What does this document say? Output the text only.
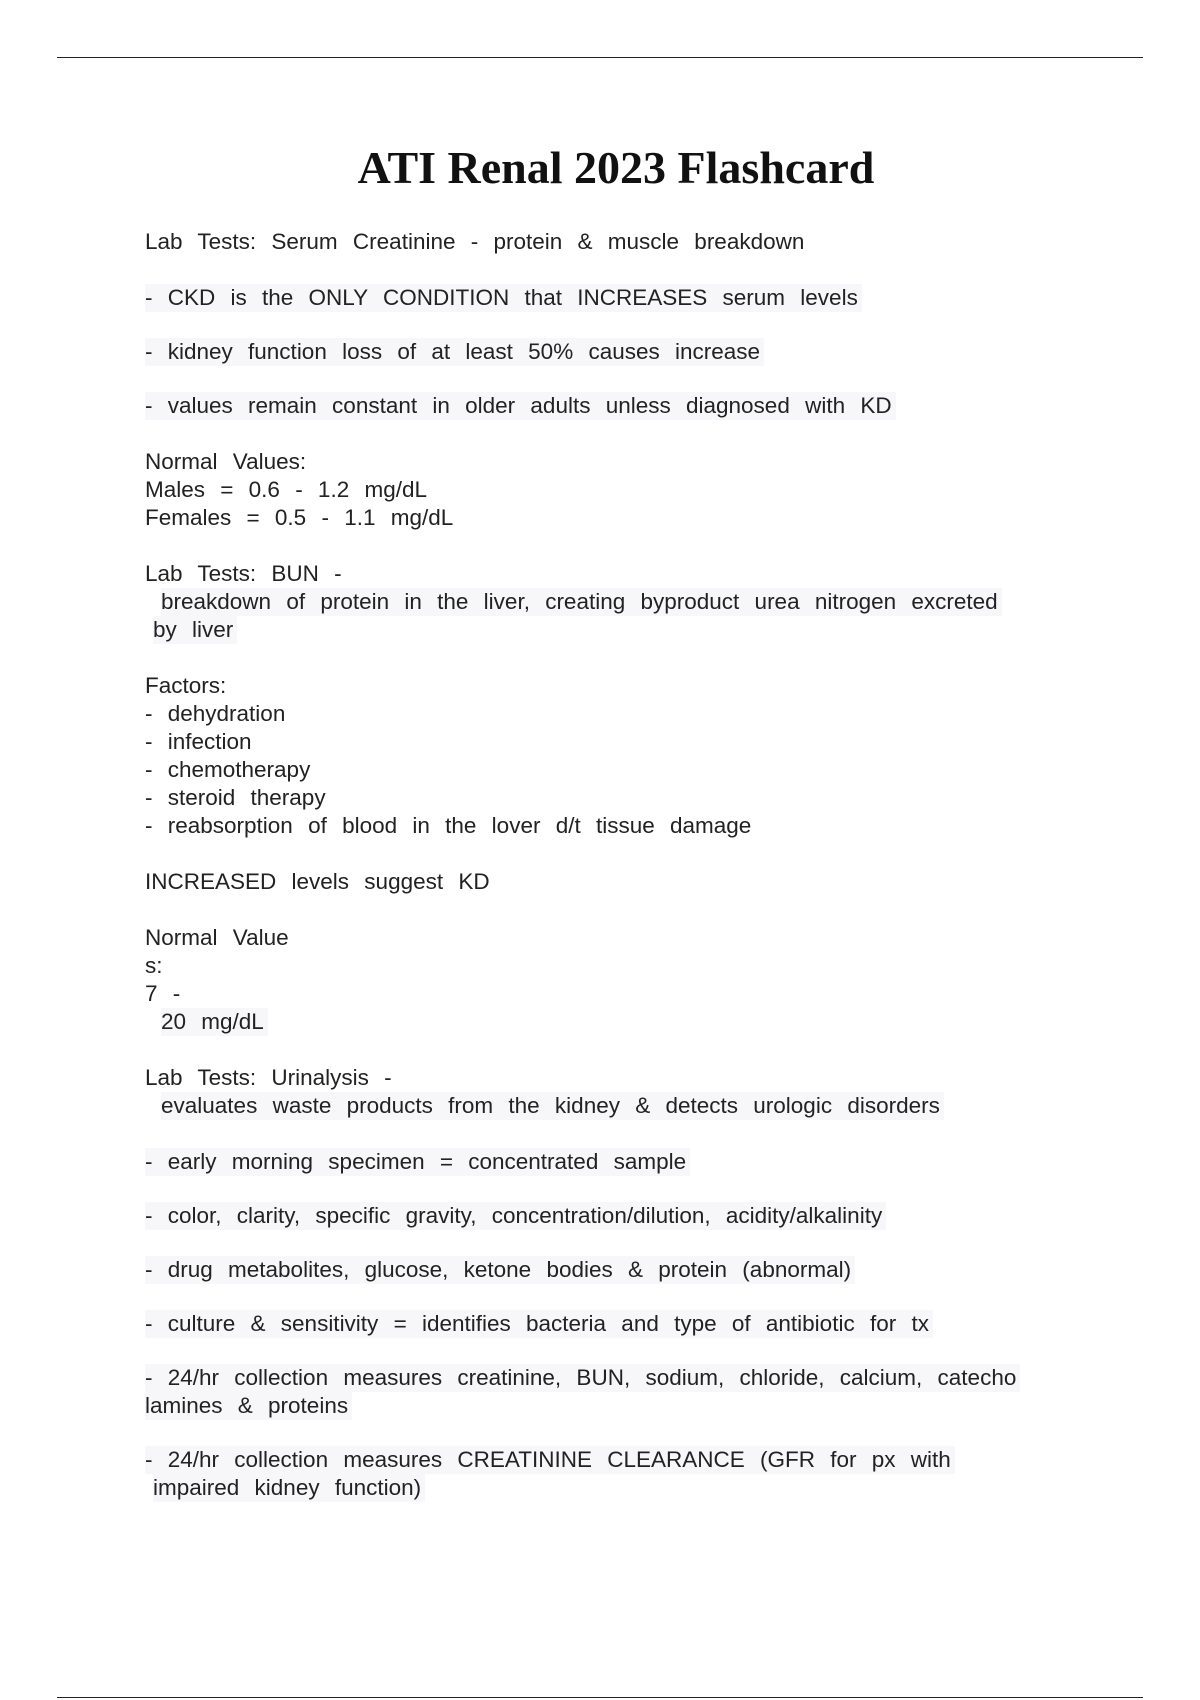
ATI Renal 2023 Flashcard
Lab Tests: Serum Creatinine - protein & muscle breakdown
- CKD is the ONLY CONDITION that INCREASES serum levels
- kidney function loss of at least 50% causes increase
- values remain constant in older adults unless diagnosed with KD
Normal Values:
Males = 0.6 - 1.2 mg/dL
Females = 0.5 - 1.1 mg/dL
Lab Tests: BUN -
breakdown of protein in the liver, creating byproduct urea nitrogen excreted
by liver
Factors:
- dehydration
- infection
- chemotherapy
- steroid therapy
- reabsorption of blood in the lover d/t tissue damage
INCREASED levels suggest KD
Normal Value
s:
7 -
20 mg/dL
Lab Tests: Urinalysis -
evaluates waste products from the kidney & detects urologic disorders
- early morning specimen = concentrated sample
- color, clarity, specific gravity, concentration/dilution, acidity/alkalinity
- drug metabolites, glucose, ketone bodies & protein (abnormal)
- culture & sensitivity = identifies bacteria and type of antibiotic for tx
- 24/hr collection measures creatinine, BUN, sodium, chloride, calcium, catecho
lamines & proteins
- 24/hr collection measures CREATININE CLEARANCE (GFR for px with
impaired kidney function)
